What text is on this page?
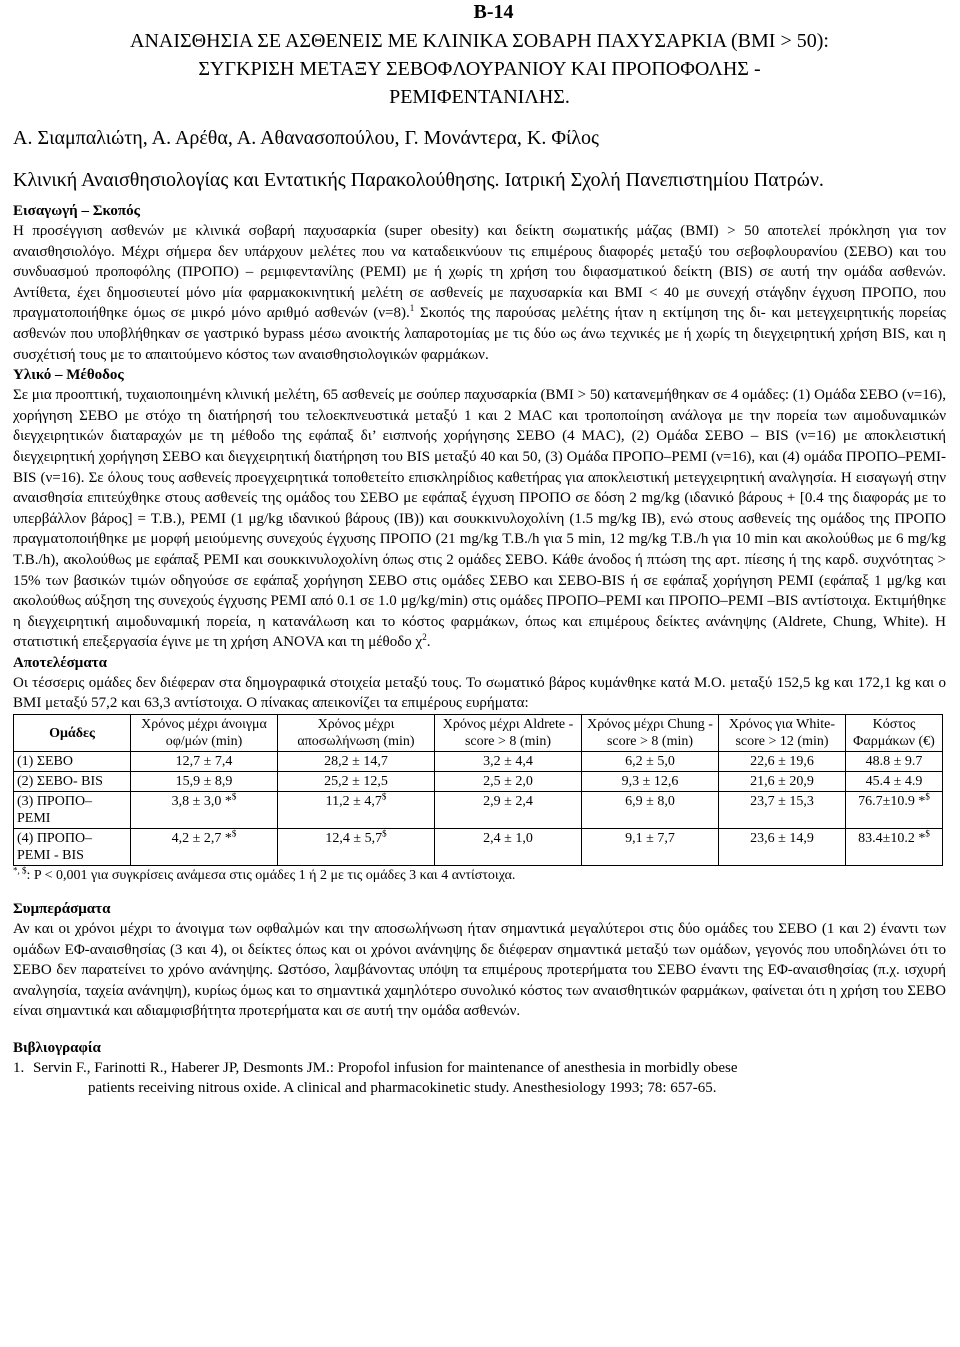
B-14
ΑΝΑΙΣΘΗΣΙΑ ΣΕ ΑΣΘΕΝΕΙΣ ΜΕ ΚΛΙΝΙΚΑ ΣΟΒΑΡΗ ΠΑΧΥΣΑΡΚΙΑ (ΒΜΙ > 50):
ΣΥΓΚΡΙΣΗ ΜΕΤΑΞΥ ΣΕΒΟΦΛΟΥΡΑΝΙΟΥ ΚΑΙ ΠΡΟΠΟΦΟΛΗΣ -
ΡΕΜΙΦΕΝΤΑΝΙΛΗΣ.
Α. Σιαμπαλιώτη, Α. Αρέθα, Α. Αθανασοπούλου, Γ. Μονάντερα, Κ. Φίλος
Κλινική Αναισθησιολογίας και Εντατικής Παρακολούθησης. Ιατρική Σχολή Πανεπιστημίου Πατρών.
Εισαγωγή – Σκοπός

Η προσέγγιση ασθενών με κλινικά σοβαρή παχυσαρκία (super obesity) και δείκτη σωματικής μάζας (BMI) > 50 αποτελεί πρόκληση για τον αναισθησιολόγο. Μέχρι σήμερα δεν υπάρχουν μελέτες που να καταδεικνύουν τις επιμέρους διαφορές μεταξύ του σεβοφλουρανίου (ΣΕΒΟ) και του συνδυασμού προποφόλης (ΠΡΟΠΟ) – ρεμιφεντανίλης (ΡΕΜΙ) με ή χωρίς τη χρήση του διφασματικού δείκτη (BIS) σε αυτή την ομάδα ασθενών. Αντίθετα, έχει δημοσιευτεί μόνο μία φαρμακοκινητική μελέτη σε ασθενείς με παχυσαρκία και BMI < 40 με συνεχή στάγδην έγχυση ΠΡΟΠΟ, που πραγματοποιήθηκε όμως σε μικρό μόνο αριθμό ασθενών (ν=8).$^1$ Σκοπός της παρούσας μελέτης ήταν η εκτίμηση της δι- και μετεγχειρητικής πορείας ασθενών που υποβλήθηκαν σε γαστρικό bypass μέσω ανοικτής λαπαροτομίας με τις δύο ως άνω τεχνικές με ή χωρίς τη διεγχειρητική χρήση BIS, και η συσχέτισή τους με το απαιτούμενο κόστος των αναισθησιολογικών φαρμάκων.

Υλικό – Μέθοδος

Σε μια προοπτική, τυχαιοποιημένη κλινική μελέτη, 65 ασθενείς με σούπερ παχυσαρκία (BMI > 50) κατανεμήθηκαν σε 4 ομάδες: (1) Ομάδα ΣΕΒΟ (ν=16), χορήγηση ΣΕΒΟ με στόχο τη διατήρησή του τελοεκπνευστικά μεταξύ 1 και 2 MAC και τροποποίηση ανάλογα με την πορεία των αιμοδυναμικών διεγχειρητικών διαταραχών με τη μέθοδο της εφάπαξ δι’ εισπνοής χορήγησης ΣΕΒΟ (4 MAC), (2) Ομάδα ΣΕΒΟ – BIS (ν=16) με αποκλειστική διεγχειρητική χορήγηση ΣΕΒΟ και διεγχειρητική διατήρηση του BIS μεταξύ 40 και 50, (3) Ομάδα ΠΡΟΠΟ–ΡΕΜΙ (ν=16), και (4) ομάδα ΠΡΟΠΟ–ΡΕΜΙ-BIS (ν=16). Σε όλους τους ασθενείς προεγχειρητικά τοποθετείτο επισκληρίδιος καθετήρας για αποκλειστική μετεγχειρητική αναλγησία. Η εισαγωγή στην αναισθησία επιτεύχθηκε στους ασθενείς της ομάδος του ΣΕΒΟ με εφάπαξ έγχυση ΠΡΟΠΟ σε δόση 2 mg/kg (ιδανικό βάρους + [0.4 της διαφοράς με το υπερβάλλον βάρος] = Τ.Β.), ΡΕΜΙ (1 μg/kg ιδανικού βάρους (ΙΒ)) και σουκκινυλοχολίνη (1.5 mg/kg ΙΒ), ενώ στους ασθενείς της ομάδος της ΠΡΟΠΟ πραγματοποιήθηκε με μορφή μειούμενης συνεχούς έγχυσης ΠΡΟΠΟ (21 mg/kg Τ.Β./h για 5 min, 12 mg/kg Τ.Β./h για 10 min και ακολούθως με 6 mg/kg Τ.Β./h), ακολούθως με εφάπαξ ΡΕΜΙ και σουκκινυλοχολίνη όπως στις 2 ομάδες ΣΕΒΟ. Κάθε άνοδος ή πτώση της αρτ. πίεσης ή της καρδ. συχνότητας > 15% των βασικών τιμών οδηγούσε σε εφάπαξ χορήγηση ΣΕΒΟ στις ομάδες ΣΕΒΟ και ΣΕΒΟ-BIS ή σε εφάπαξ χορήγηση ΡΕΜΙ (εφάπαξ 1 μg/kg και ακολούθως αύξηση της συνεχούς έγχυσης ΡΕΜΙ από 0.1 σε 1.0 μg/kg/min) στις ομάδες ΠΡΟΠΟ–ΡΕΜΙ και ΠΡΟΠΟ–ΡΕΜΙ –BIS αντίστοιχα. Εκτιμήθηκε η διεγχειρητική αιμοδυναμική πορεία, η κατανάλωση και το κόστος φαρμάκων, όπως και επιμέρους δείκτες ανάνηψης (Aldrete, Chung, White). Η στατιστική επεξεργασία έγινε με τη χρήση ANOVA και τη μέθοδο $\chi^2$.

Αποτελέσματα

Οι τέσσερις ομάδες δεν διέφεραν στα δημογραφικά στοιχεία μεταξύ τους. Το σωματικό βάρος κυμάνθηκε κατά Μ.Ο. μεταξύ 152,5 kg και 172,1 kg και ο BMI μεταξύ 57,2 και 63,3 αντίστοιχα. Ο πίνακας απεικονίζει τα επιμέρους ευρήματα:

Ομάδες	Χρόνος μέχρι άνοιγμα οφ/μών (min)	Χρόνος μέχρι αποσωλήνωση (min)	Χρόνος μέχρι Aldrete -score > 8 (min)	Χρόνος μέχρι Chung - score > 8 (min)	Χρόνος για White-score > 12 (min)	Κόστος Φαρμάκων (€)
(1) ΣΕΒΟ	12,7 ± 7,4	28,2 ± 14,7	3,2 ± 4,4	6,2 ± 5,0	22,6 ± 19,6	48.8 ± 9.7
(2) ΣΕΒΟ- BIS	15,9 ± 8,9	25,2 ± 12,5	2,5 ± 2,0	9,3 ± 12,6	21,6 ± 20,9	45.4 ± 4.9
(3) ΠΡΟΠΟ– ΡΕΜΙ	3,8 ± 3,0 *$	11,2 ± 4,7$	2,9 ± 2,4	6,9 ± 8,0	23,7 ± 15,3	76.7±10.9 *$
(4) ΠΡΟΠΟ– ΡΕΜΙ - BIS	4,2 ± 2,7 *$	12,4 ± 5,7$	2,4 ± 1,0	9,1 ± 7,7	23,6 ± 14,9	83.4±10.2 *$
*, $: P < 0,001 για συγκρίσεις ανάμεσα στις ομάδες 1 ή 2 με τις ομάδες 3 και 4 αντίστοιχα.
Συμπεράσματα

Αν και οι χρόνοι μέχρι το άνοιγμα των οφθαλμών και την αποσωλήνωση ήταν σημαντικά μεγαλύτεροι στις δύο ομάδες του ΣΕΒΟ (1 και 2) έναντι των ομάδων ΕΦ-αναισθησίας (3 και 4), οι δείκτες όπως και οι χρόνοι ανάνηψης δε διέφεραν σημαντικά μεταξύ των ομάδων, γεγονός που υποδηλώνει ότι το ΣΕΒΟ δεν παρατείνει το χρόνο ανάνηψης. Ωστόσο, λαμβάνοντας υπόψη τα επιμέρους προτερήματα του ΣΕΒΟ έναντι της ΕΦ-αναισθησίας (π.χ. ισχυρή αναλγησία, ταχεία ανάνηψη), κυρίως όμως και το σημαντικά χαμηλότερο συνολικό κόστος των αναισθητικών φαρμάκων, φαίνεται ότι η χρήση του ΣΕΒΟ είναι σημαντικά και αδιαμφισβήτητα προτερήματα και σε αυτή την ομάδα ασθενών.

Βιβλιογραφία
1. Servin F., Farinotti R., Haberer JP, Desmonts JM.: Propofol infusion for maintenance of anesthesia in morbidly obese
patients receiving nitrous oxide. A clinical and pharmacokinetic study. Anesthesiology 1993; 78: 657-65.
